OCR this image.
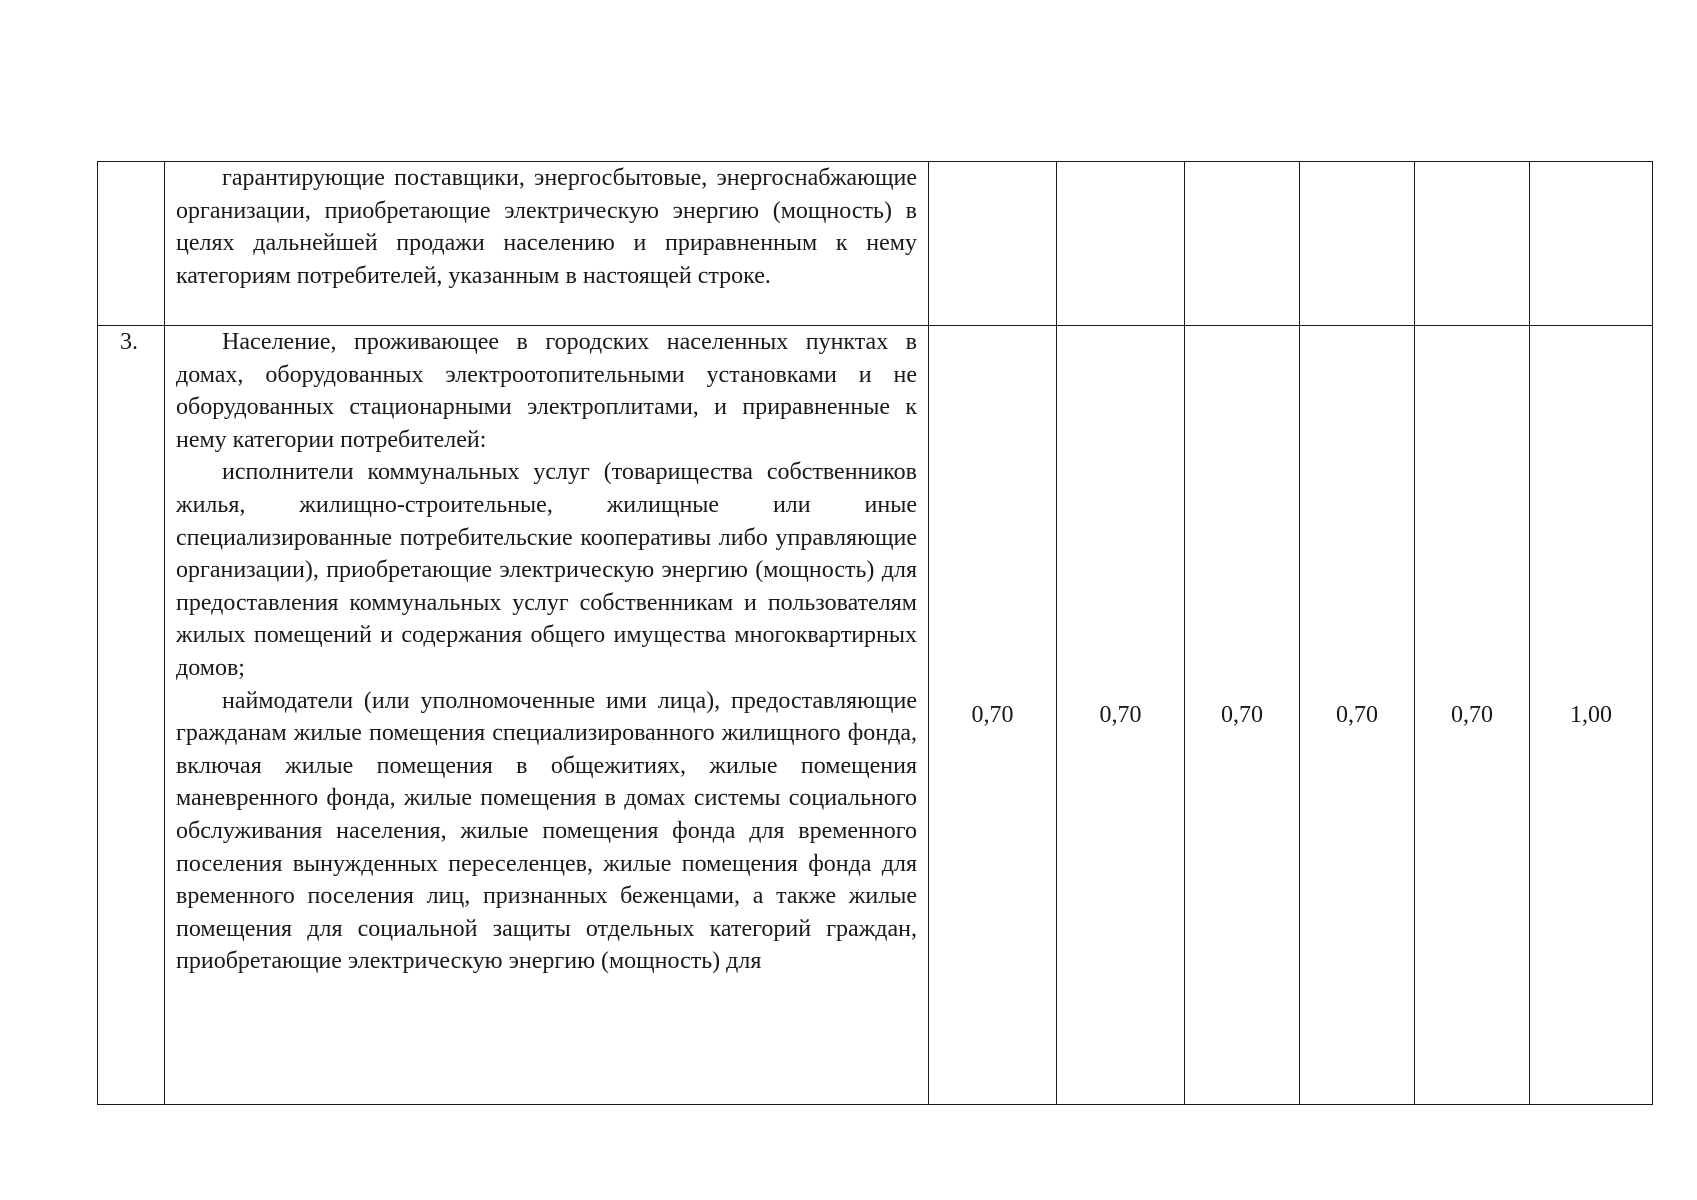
	гарантирующие поставщики, энергосбытовые, энергоснабжающие организации, приобретающие электрическую энергию (мощность) в целях дальнейшей продажи населению и приравненным к нему категориям потребителей, указанным в настоящей строке.						

3.	Население, проживающее в городских населенных пунктах в домах, оборудованных электроотопительными установками и не оборудованных стационарными электроплитами, и приравненные к нему категории потребителей:

исполнители коммунальных услуг (товарищества собственников жилья, жилищно-строительные, жилищные или иные специализированные потребительские кооперативы либо управляющие организации), приобретающие электрическую энергию (мощность) для предоставления коммунальных услуг собственникам и пользователям жилых помещений и содержания общего имущества многоквартирных домов;

наймодатели (или уполномоченные ими лица), предоставляющие гражданам жилые помещения специализированного жилищного фонда, включая жилые помещения в общежитиях, жилые помещения маневренного фонда, жилые помещения в домах системы социального обслуживания населения, жилые помещения фонда для временного поселения вынужденных переселенцев, жилые помещения фонда для временного поселения лиц, признанных беженцами, а также жилые помещения для социальной защиты отдельных категорий граждан, приобретающие электрическую энергию (мощность) для	0,70	0,70	0,70	0,70	0,70	1,00
